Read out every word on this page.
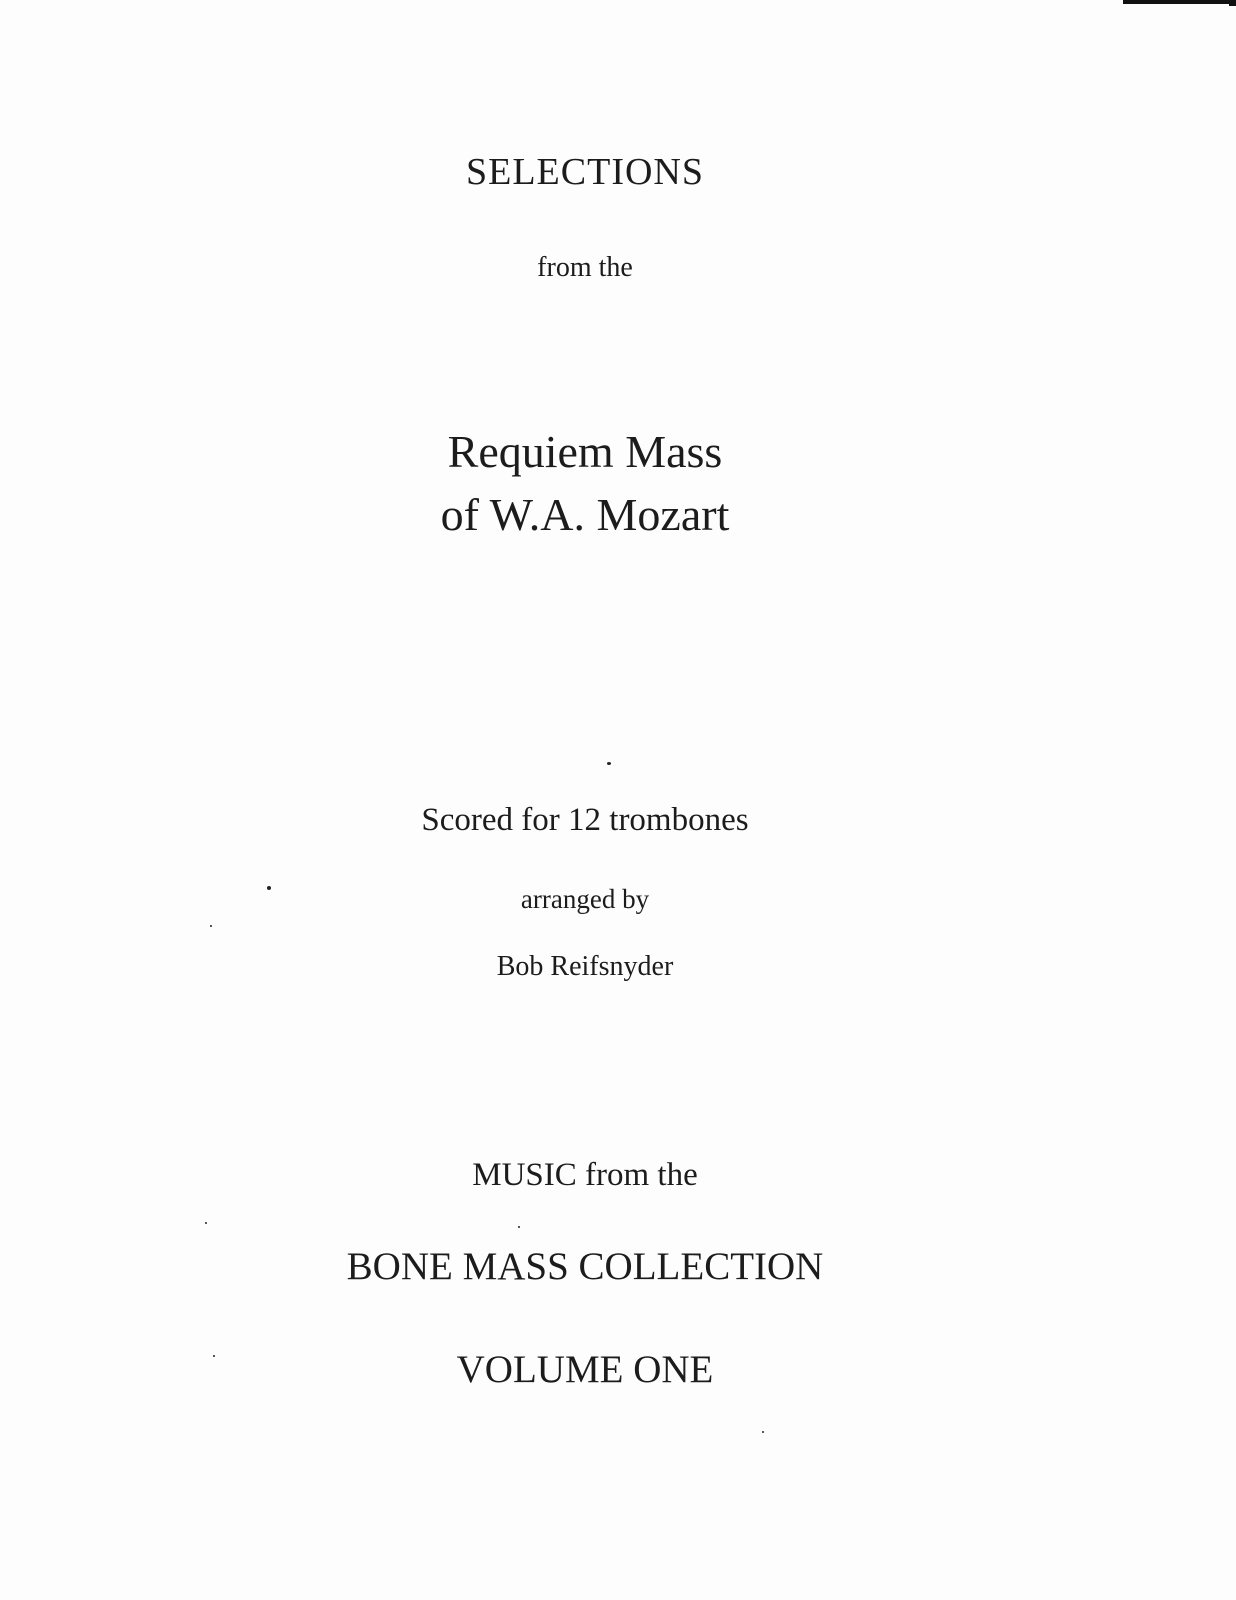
SELECTIONS
from the
Requiem Mass
of W.A. Mozart
Scored for 12 trombones
arranged by
Bob Reifsnyder
MUSIC from the
BONE MASS COLLECTION
VOLUME ONE
